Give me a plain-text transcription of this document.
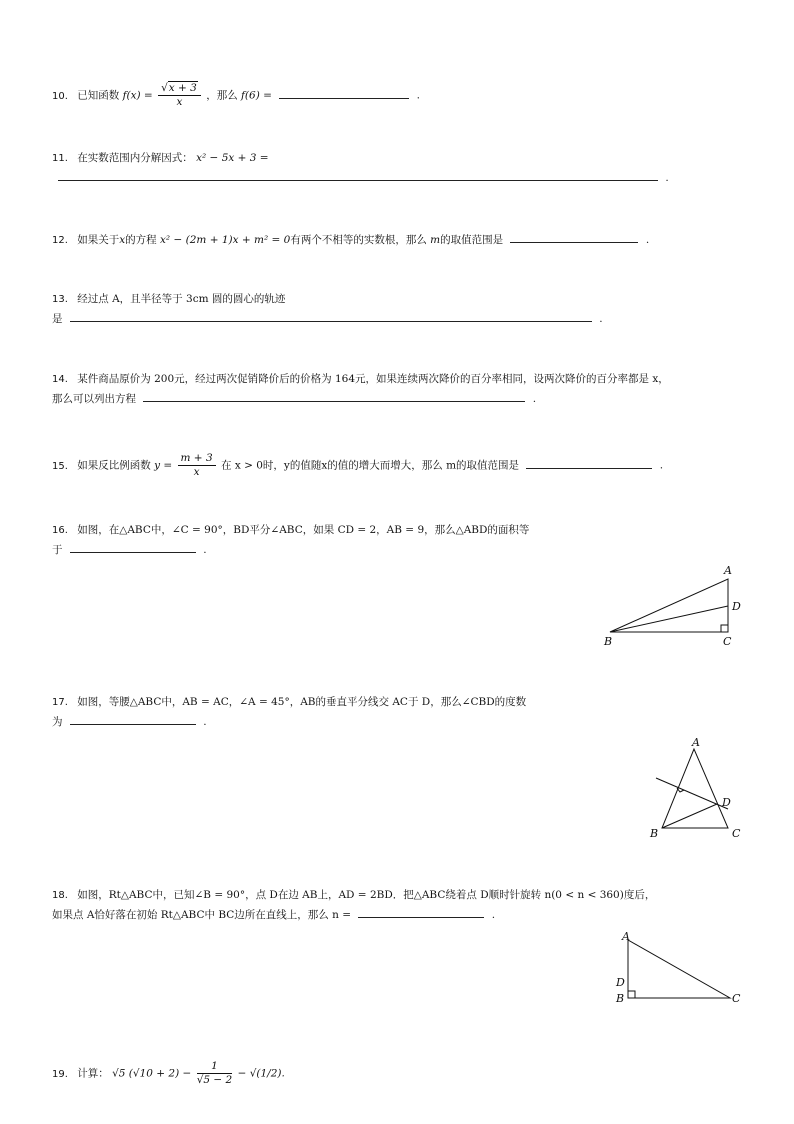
10. 已知函数 $f(x) = \frac{√x + 3}{x}$ ，那么 f(6) =	.
11. 在实数范围内分解因式： x² − 5x + 3 =
.
12. 如果关于x的方程 x² − (2m + 1)x + m² = 0有两个不相等的实数根，那么 m的取值范围是	.
13. 经过点 A，且半径等于 3cm 圆的圆心的轨迹
是	.
14. 某件商品原价为 200元，经过两次促销降价后的价格为 164元，如果连续两次降价的百分率相同，设两次降价的百分率都是 x，
那么可以列出方程	.
15. 如果反比例函数 $y = \frac{m + 3}{x}$ 在 x > 0时，y的值随x的值的增大而增大，那么 m的取值范围是	.
16. 如图，在△ABC中，∠C = 90°，BD平分∠ABC，如果 CD = 2，AB = 9，那么△ABD的面积等
于	.
A
B	C
D
17. 如图，等腰△ABC中，AB = AC，∠A = 45°，AB的垂直平分线交 AC于 D，那么∠CBD的度数
为	.
A
B	C
D
18. 如图，Rt△ABC中，已知∠B = 90°，点 D在边 AB上，AD = 2BD．把△ABC绕着点 D顺时针旋转 n(0 < n < 360)度后，
如果点 A恰好落在初始 Rt△ABC中 BC边所在直线上，那么 n =	.
A
B	C
D
19. 计算： √5 $(√10 + 2) - \frac{1}{√5 - 2} - √(1/2)$.
